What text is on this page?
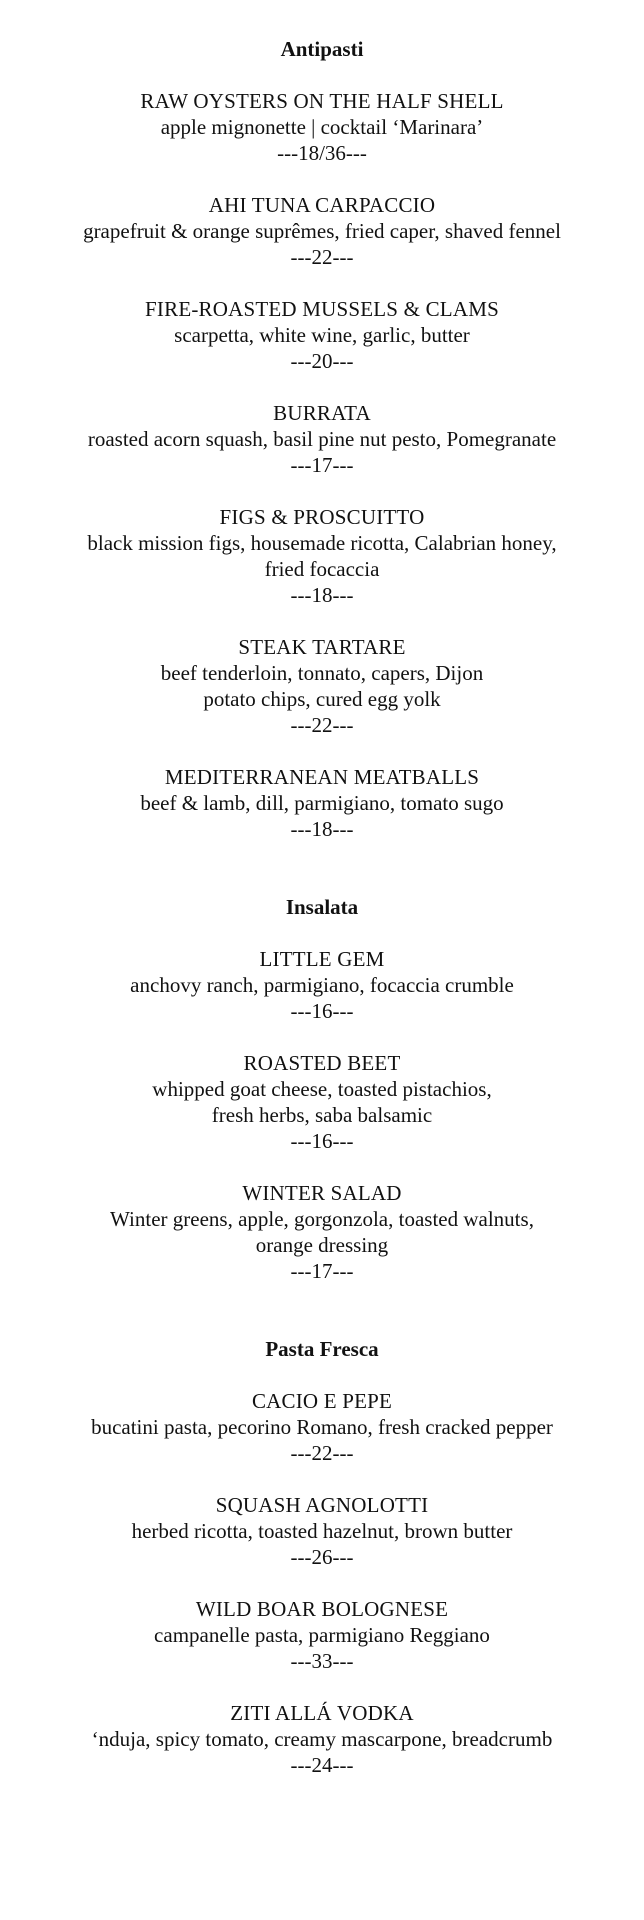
Antipasti
RAW OYSTERS ON THE HALF SHELL
apple mignonette | cocktail ‘Marinara’
---18/36---
AHI TUNA CARPACCIO
grapefruit & orange suprêmes, fried caper, shaved fennel
---22---
FIRE-ROASTED MUSSELS & CLAMS
scarpetta, white wine, garlic, butter
---20---
BURRATA
roasted acorn squash, basil pine nut pesto, Pomegranate
---17---
FIGS & PROSCUITTO
black mission figs, housemade ricotta, Calabrian honey,
fried focaccia
---18---
STEAK TARTARE
beef tenderloin, tonnato, capers, Dijon
potato chips, cured egg yolk
---22---
MEDITERRANEAN MEATBALLS
beef & lamb, dill, parmigiano, tomato sugo
---18---
Insalata
LITTLE GEM
anchovy ranch, parmigiano, focaccia crumble
---16---
ROASTED BEET
whipped goat cheese, toasted pistachios,
fresh herbs, saba balsamic
---16---
WINTER SALAD
Winter greens, apple, gorgonzola, toasted walnuts,
orange dressing
---17---
Pasta Fresca
CACIO E PEPE
bucatini pasta, pecorino Romano, fresh cracked pepper
---22---
SQUASH AGNOLOTTI
herbed ricotta, toasted hazelnut, brown butter
---26---
WILD BOAR BOLOGNESE
campanelle pasta, parmigiano Reggiano
---33---
ZITI ALLÁ VODKA
‘nduja, spicy tomato, creamy mascarpone, breadcrumb
---24---
